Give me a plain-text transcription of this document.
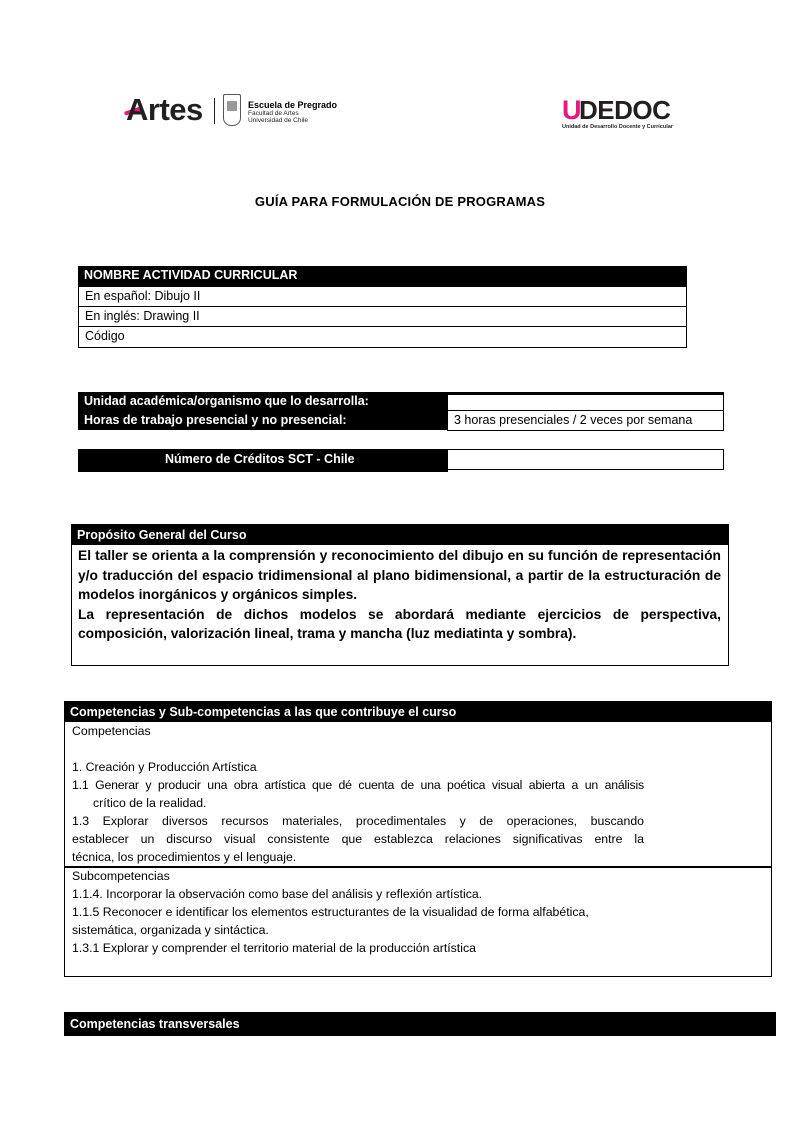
Artes	Escuela de Pregrado
Facultad de Artes
Universidad de Chile	U
DEDOC
Unidad de Desarrollo Docente y Curricular
GUÍA PARA FORMULACIÓN DE PROGRAMAS
NOMBRE ACTIVIDAD CURRICULAR
En español: Dibujo II
En inglés: Drawing II
Código
Unidad académica/organismo que lo desarrolla:
Horas de trabajo presencial y no presencial:	3 horas presenciales / 2 veces por semana
Número de Créditos SCT - Chile
Propósito General del Curso
El taller se orienta a la comprensión y reconocimiento del dibujo en su función de representación
y/o traducción del espacio tridimensional al plano bidimensional, a partir de la estructuración de
modelos inorgánicos y orgánicos simples.
La representación de dichos modelos se abordará mediante ejercicios de perspectiva,
composición, valorización lineal, trama y mancha (luz mediatinta y sombra).
Competencias y Sub-competencias a las que contribuye el curso
Competencias
1. Creación y Producción Artística
1.1 Generar y producir una obra artística que dé cuenta de una poética visual abierta a un análisis
crítico de la realidad.
1.3 Explorar diversos recursos materiales, procedimentales y de operaciones, buscando
establecer un discurso visual consistente que establezca relaciones significativas entre la
técnica, los procedimientos y el lenguaje.
Subcompetencias
1.1.4. Incorporar la observación como base del análisis y reflexión artística.
1.1.5 Reconocer e identificar los elementos estructurantes de la visualidad de forma alfabética,
sistemática, organizada y sintáctica.
1.3.1 Explorar y comprender el territorio material de la producción artística
Competencias transversales
